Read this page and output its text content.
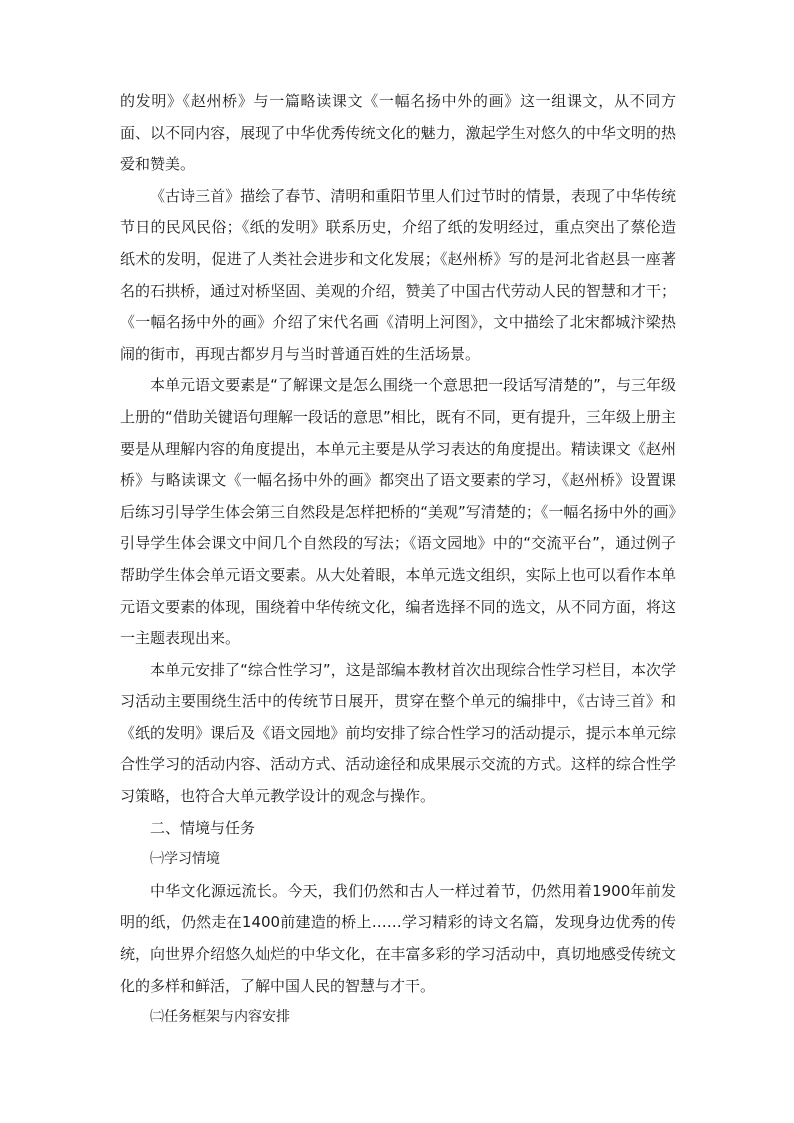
的发明》《赵州桥》与一篇略读课文《一幅名扬中外的画》这一组课文，从不同方面、以不同内容，展现了中华优秀传统文化的魅力，激起学生对悠久的中华文明的热爱和赞美。

《古诗三首》描绘了春节、清明和重阳节里人们过节时的情景，表现了中华传统节日的民风民俗；《纸的发明》联系历史，介绍了纸的发明经过，重点突出了蔡伦造纸术的发明，促进了人类社会进步和文化发展；《赵州桥》写的是河北省赵县一座著名的石拱桥，通过对桥坚固、美观的介绍，赞美了中国古代劳动人民的智慧和才干；《一幅名扬中外的画》介绍了宋代名画《清明上河图》，文中描绘了北宋都城汴梁热闹的街市，再现古都岁月与当时普通百姓的生活场景。

本单元语文要素是“了解课文是怎么围绕一个意思把一段话写清楚的”，与三年级上册的“借助关键语句理解一段话的意思”相比，既有不同，更有提升，三年级上册主要是从理解内容的角度提出，本单元主要是从学习表达的角度提出。精读课文《赵州桥》与略读课文《一幅名扬中外的画》都突出了语文要素的学习，《赵州桥》设置课后练习引导学生体会第三自然段是怎样把桥的“美观”写清楚的；《一幅名扬中外的画》引导学生体会课文中间几个自然段的写法；《语文园地》中的“交流平台”，通过例子帮助学生体会单元语文要素。从大处着眼，本单元选文组织，实际上也可以看作本单元语文要素的体现，围绕着中华传统文化，编者选择不同的选文，从不同方面，将这一主题表现出来。

本单元安排了“综合性学习”，这是部编本教材首次出现综合性学习栏目，本次学习活动主要围绕生活中的传统节日展开，贯穿在整个单元的编排中，《古诗三首》和《纸的发明》课后及《语文园地》前均安排了综合性学习的活动提示，提示本单元综合性学习的活动内容、活动方式、活动途径和成果展示交流的方式。这样的综合性学习策略，也符合大单元教学设计的观念与操作。

二、情境与任务

㈠学习情境

中华文化源远流长。今天，我们仍然和古人一样过着节，仍然用着1900年前发明的纸，仍然走在1400前建造的桥上……学习精彩的诗文名篇，发现身边优秀的传统，向世界介绍悠久灿烂的中华文化，在丰富多彩的学习活动中，真切地感受传统文化的多样和鲜活，了解中国人民的智慧与才干。

㈡任务框架与内容安排
